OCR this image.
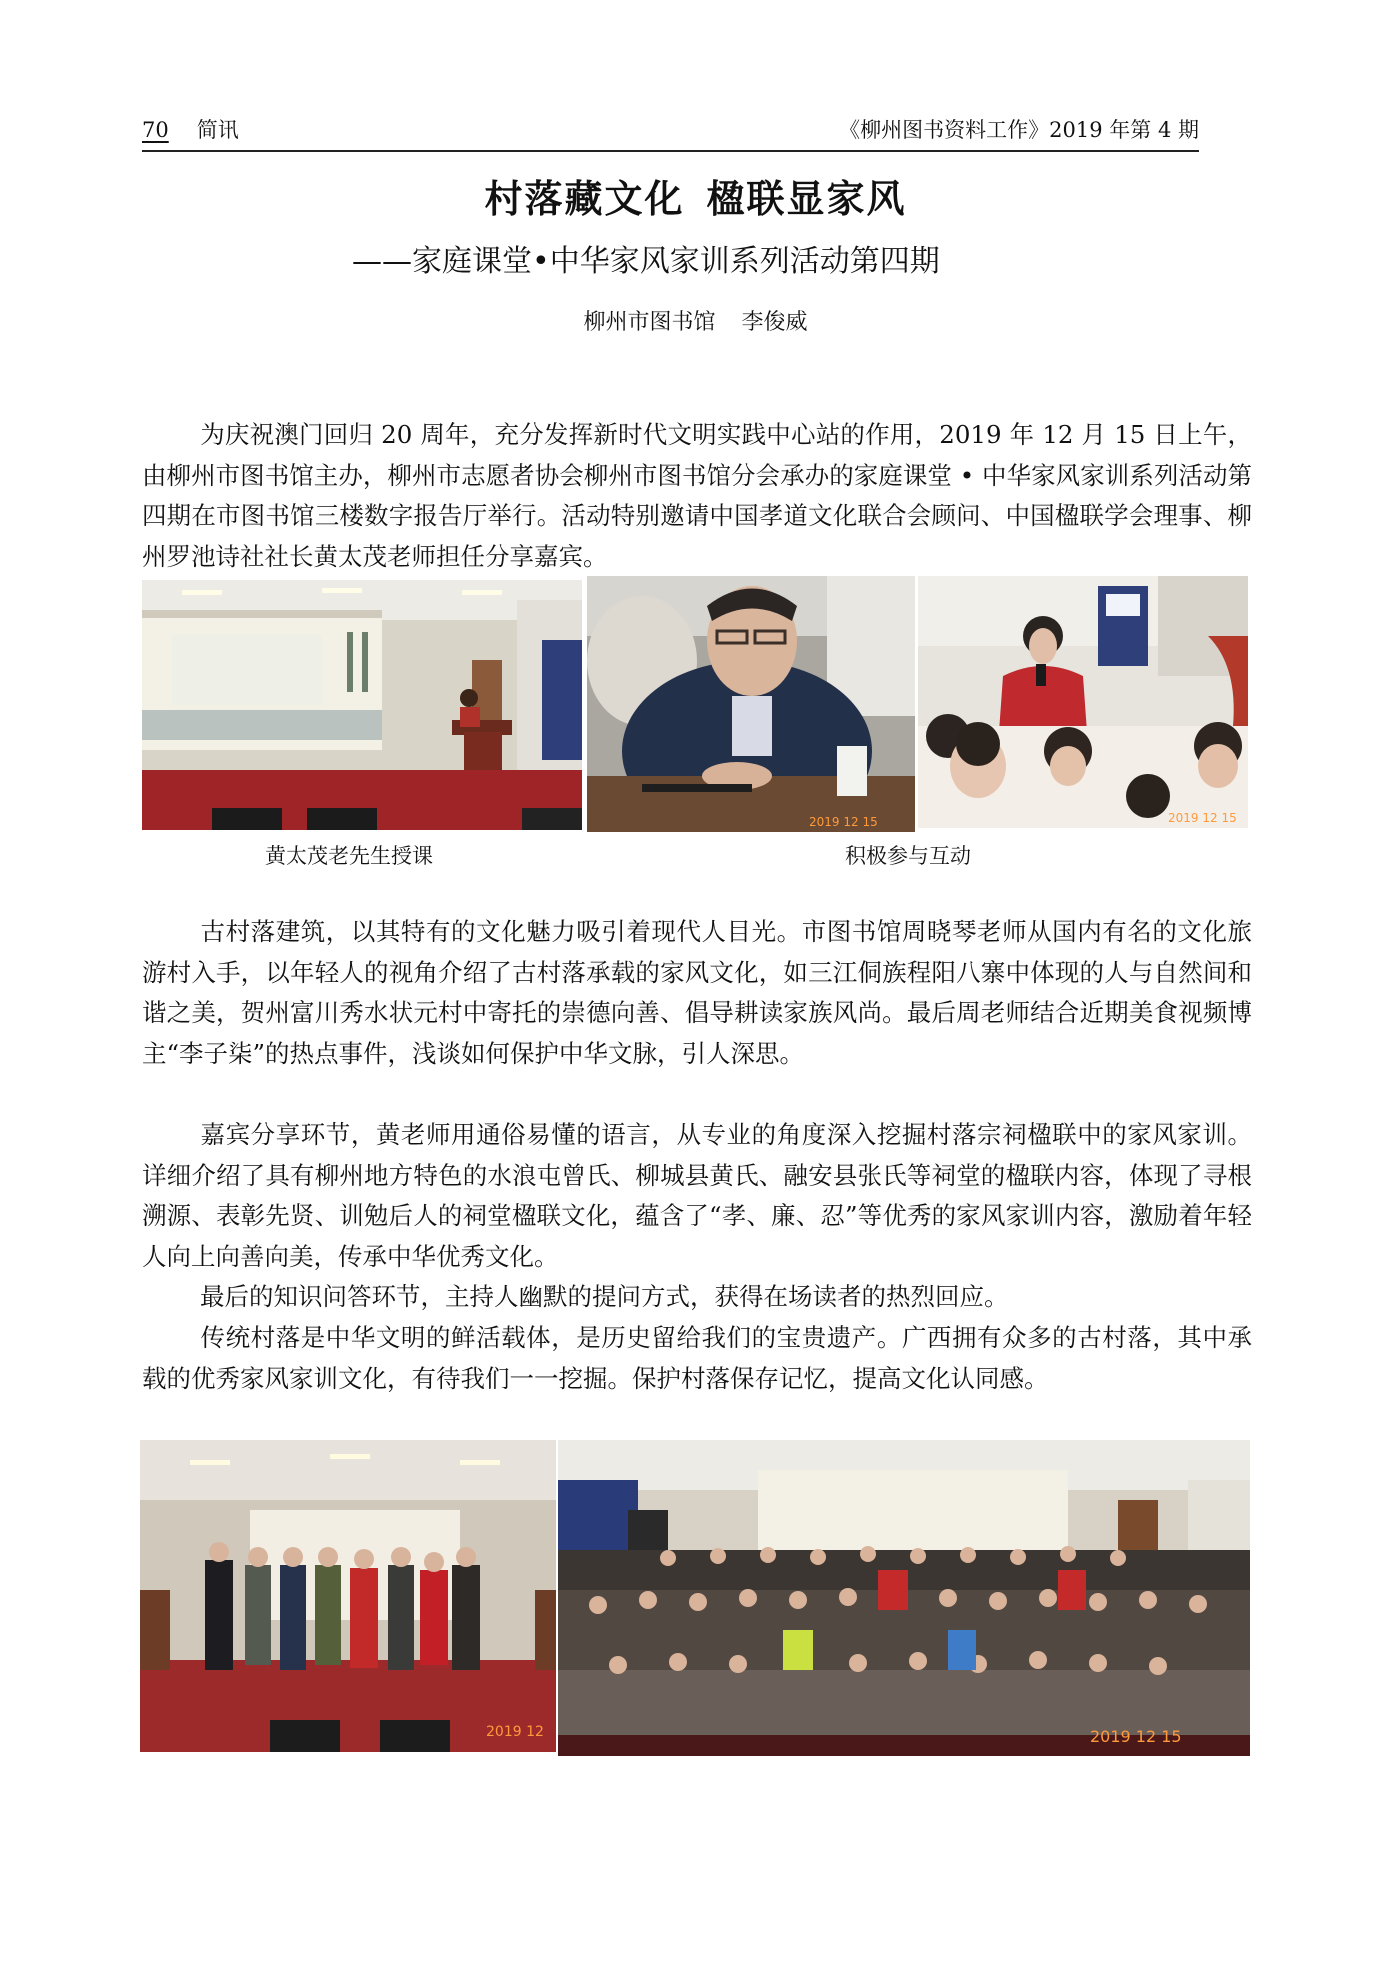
70 简讯	《柳州图书资料工作》2019 年第 4 期
村落藏文化 楹联显家风
——家庭课堂•中华家风家训系列活动第四期
柳州市图书馆 李俊威

为庆祝澳门回归 20 周年，充分发挥新时代文明实践中心站的作用，2019 年 12 月 15 日上午，由柳州市图书馆主办，柳州市志愿者协会柳州市图书馆分会承办的家庭课堂 • 中华家风家训系列活动第四期在市图书馆三楼数字报告厅举行。活动特别邀请中国孝道文化联合会顾问、中国楹联学会理事、柳州罗池诗社社长黄太茂老师担任分享嘉宾。

2019 12 15	2019 12 15
黄太茂老先生授课	积极参与互动

古村落建筑，以其特有的文化魅力吸引着现代人目光。市图书馆周晓琴老师从国内有名的文化旅游村入手，以年轻人的视角介绍了古村落承载的家风文化，如三江侗族程阳八寨中体现的人与自然间和谐之美，贺州富川秀水状元村中寄托的崇德向善、倡导耕读家族风尚。最后周老师结合近期美食视频博主“李子柒”的热点事件，浅谈如何保护中华文脉，引人深思。

嘉宾分享环节，黄老师用通俗易懂的语言，从专业的角度深入挖掘村落宗祠楹联中的家风家训。详细介绍了具有柳州地方特色的水浪屯曾氏、柳城县黄氏、融安县张氏等祠堂的楹联内容，体现了寻根溯源、表彰先贤、训勉后人的祠堂楹联文化，蕴含了“孝、廉、忍”等优秀的家风家训内容，激励着年轻人向上向善向美，传承中华优秀文化。

最后的知识问答环节，主持人幽默的提问方式，获得在场读者的热烈回应。

传统村落是中华文明的鲜活载体，是历史留给我们的宝贵遗产。广西拥有众多的古村落，其中承载的优秀家风家训文化，有待我们一一挖掘。保护村落保存记忆，提高文化认同感。

2019 12	2019 12 15
